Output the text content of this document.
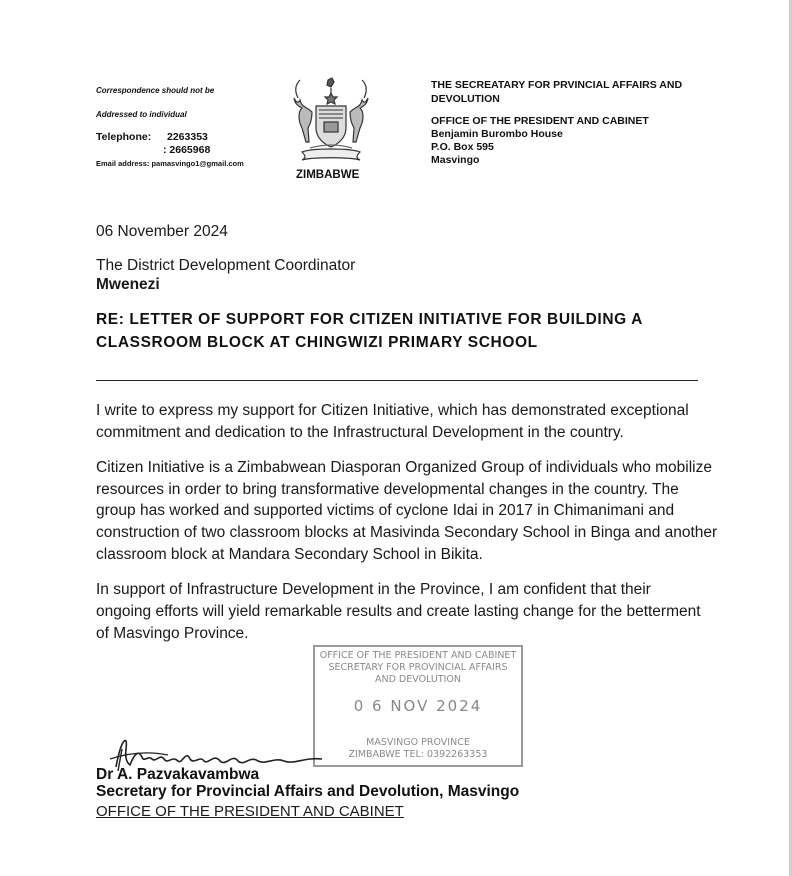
Correspondence should not be
Addressed to individual
Telephone: 2263353
: 2665968
Email address: pamasvingo1@gmail.com
ZIMBABWE
THE SECREATARY FOR PRVINCIAL AFFAIRS AND
DEVOLUTION
OFFICE OF THE PRESIDENT AND CABINET
Benjamin Burombo House
P.O. Box 595
Masvingo
06 November 2024
The District Development Coordinator
Mwenezi
RE: LETTER OF SUPPORT FOR CITIZEN INITIATIVE FOR BUILDING A
CLASSROOM BLOCK AT CHINGWIZI PRIMARY SCHOOL
I write to express my support for Citizen Initiative, which has demonstrated exceptional
commitment and dedication to the Infrastructural Development in the country.
Citizen Initiative is a Zimbabwean Diasporan Organized Group of individuals who mobilize
resources in order to bring transformative developmental changes in the country. The
group has worked and supported victims of cyclone Idai in 2017 in Chimanimani and
construction of two classroom blocks at Masivinda Secondary School in Binga and another
classroom block at Mandara Secondary School in Bikita.
In support of Infrastructure Development in the Province, I am confident that their
ongoing efforts will yield remarkable results and create lasting change for the betterment
of Masvingo Province.
OFFICE OF THE PRESIDENT AND CABINET
SECRETARY FOR PROVINCIAL AFFAIRS
AND DEVOLUTION
0 6 NOV 2024
MASVINGO PROVINCE
ZIMBABWE TEL: 0392263353
Dr A. Pazvakavambwa
Secretary for Provincial Affairs and Devolution, Masvingo
OFFICE OF THE PRESIDENT AND CABINET
